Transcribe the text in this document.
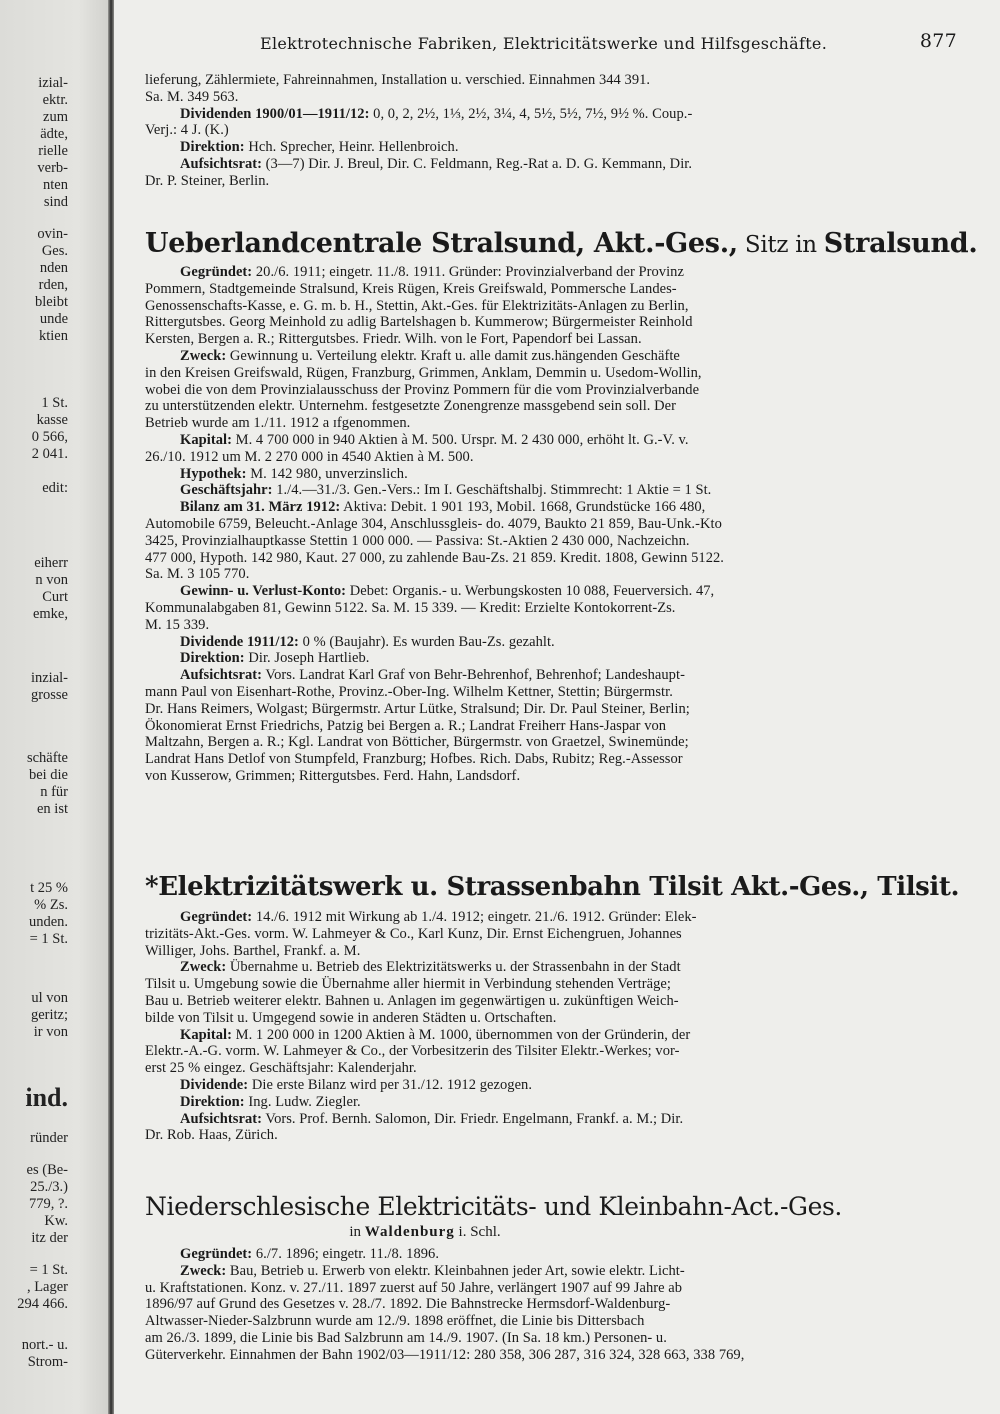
izial-
ektr.
zum
ädte,
rielle
verb-
nten
sind
ovin-
Ges.
nden
rden,
bleibt
unde
ktien
1 St.
kasse
0 566,
2 041.
edit:
eiherr
n von
Curt
emke,
inzial-
grosse
schäfte
bei die
n für
en ist
t 25 %
% Zs.
unden.
= 1 St.
ul von
geritz;
ir von
ind.
ründer
es (Be-
25./3.)
779, ?.
Kw.
itz der
= 1 St.
, Lager
294 466.
nort.- u.
Strom-
Elektrotechnische Fabriken, Elektricitätswerke und Hilfsgeschäfte.	877
lieferung, Zählermiete, Fahreinnahmen, Installation u. verschied. Einnahmen 344 391.
Sa. M. 349 563.
Dividenden 1900/01—1911/12: 0, 0, 2, 2½, 1⅓, 2½, 3¼, 4, 5½, 5½, 7½, 9½ %. Coup.-
Verj.: 4 J. (K.)
Direktion: Hch. Sprecher, Heinr. Hellenbroich.
Aufsichtsrat: (3—7) Dir. J. Breul, Dir. C. Feldmann, Reg.-Rat a. D. G. Kemmann, Dir.
Dr. P. Steiner, Berlin.
Ueberlandcentrale Stralsund, Akt.-Ges., Sitz in Stralsund.
Gegründet: 20./6. 1911; eingetr. 11./8. 1911. Gründer: Provinzialverband der Provinz
Pommern, Stadtgemeinde Stralsund, Kreis Rügen, Kreis Greifswald, Pommersche Landes-
Genossenschafts-Kasse, e. G. m. b. H., Stettin, Akt.-Ges. für Elektrizitäts-Anlagen zu Berlin,
Rittergutsbes. Georg Meinhold zu adlig Bartelshagen b. Kummerow; Bürgermeister Reinhold
Kersten, Bergen a. R.; Rittergutsbes. Friedr. Wilh. von le Fort, Papendorf bei Lassan.
Zweck: Gewinnung u. Verteilung elektr. Kraft u. alle damit zus.hängenden Geschäfte
in den Kreisen Greifswald, Rügen, Franzburg, Grimmen, Anklam, Demmin u. Usedom-Wollin,
wobei die von dem Provinzialausschuss der Provinz Pommern für die vom Provinzialverbande
zu unterstützenden elektr. Unternehm. festgesetzte Zonengrenze massgebend sein soll. Der
Betrieb wurde am 1./11. 1912 a ɪfgenommen.
Kapital: M. 4 700 000 in 940 Aktien à M. 500. Urspr. M. 2 430 000, erhöht lt. G.-V. v.
26./10. 1912 um M. 2 270 000 in 4540 Aktien à M. 500.
Hypothek: M. 142 980, unverzinslich.
Geschäftsjahr: 1./4.—31./3. Gen.-Vers.: Im I. Geschäftshalbj. Stimmrecht: 1 Aktie = 1 St.
Bilanz am 31. März 1912: Aktiva: Debit. 1 901 193, Mobil. 1668, Grundstücke 166 480,
Automobile 6759, Beleucht.-Anlage 304, Anschlussgleis- do. 4079, Baukto 21 859, Bau-Unk.-Kto
3425, Provinzialhauptkasse Stettin 1 000 000. — Passiva: St.-Aktien 2 430 000, Nachzeichn.
477 000, Hypoth. 142 980, Kaut. 27 000, zu zahlende Bau-Zs. 21 859. Kredit. 1808, Gewinn 5122.
Sa. M. 3 105 770.
Gewinn- u. Verlust-Konto: Debet: Organis.- u. Werbungskosten 10 088, Feuerversich. 47,
Kommunalabgaben 81, Gewinn 5122. Sa. M. 15 339. — Kredit: Erzielte Kontokorrent-Zs.
M. 15 339.
Dividende 1911/12: 0 % (Baujahr). Es wurden Bau-Zs. gezahlt.
Direktion: Dir. Joseph Hartlieb.
Aufsichtsrat: Vors. Landrat Karl Graf von Behr-Behrenhof, Behrenhof; Landeshaupt-
mann Paul von Eisenhart-Rothe, Provinz.-Ober-Ing. Wilhelm Kettner, Stettin; Bürgermstr.
Dr. Hans Reimers, Wolgast; Bürgermstr. Artur Lütke, Stralsund; Dir. Dr. Paul Steiner, Berlin;
Ökonomierat Ernst Friedrichs, Patzig bei Bergen a. R.; Landrat Freiherr Hans-Jaspar von
Maltzahn, Bergen a. R.; Kgl. Landrat von Bötticher, Bürgermstr. von Graetzel, Swinemünde;
Landrat Hans Detlof von Stumpfeld, Franzburg; Hofbes. Rich. Dabs, Rubitz; Reg.-Assessor
von Kusserow, Grimmen; Rittergutsbes. Ferd. Hahn, Landsdorf.
*Elektrizitätswerk u. Strassenbahn Tilsit Akt.-Ges., Tilsit.
Gegründet: 14./6. 1912 mit Wirkung ab 1./4. 1912; eingetr. 21./6. 1912. Gründer: Elek-
trizitäts-Akt.-Ges. vorm. W. Lahmeyer & Co., Karl Kunz, Dir. Ernst Eichengruen, Johannes
Williger, Johs. Barthel, Frankf. a. M.
Zweck: Übernahme u. Betrieb des Elektrizitätswerks u. der Strassenbahn in der Stadt
Tilsit u. Umgebung sowie die Übernahme aller hiermit in Verbindung stehenden Verträge;
Bau u. Betrieb weiterer elektr. Bahnen u. Anlagen im gegenwärtigen u. zukünftigen Weich-
bilde von Tilsit u. Umgegend sowie in anderen Städten u. Ortschaften.
Kapital: M. 1 200 000 in 1200 Aktien à M. 1000, übernommen von der Gründerin, der
Elektr.-A.-G. vorm. W. Lahmeyer & Co., der Vorbesitzerin des Tilsiter Elektr.-Werkes; vor-
erst 25 % eingez. Geschäftsjahr: Kalenderjahr.
Dividende: Die erste Bilanz wird per 31./12. 1912 gezogen.
Direktion: Ing. Ludw. Ziegler.
Aufsichtsrat: Vors. Prof. Bernh. Salomon, Dir. Friedr. Engelmann, Frankf. a. M.; Dir.
Dr. Rob. Haas, Zürich.
Niederschlesische Elektricitäts- und Kleinbahn-Act.-Ges.
in Waldenburg i. Schl.
Gegründet: 6./7. 1896; eingetr. 11./8. 1896.
Zweck: Bau, Betrieb u. Erwerb von elektr. Kleinbahnen jeder Art, sowie elektr. Licht-
u. Kraftstationen. Konz. v. 27./11. 1897 zuerst auf 50 Jahre, verlängert 1907 auf 99 Jahre ab
1896/97 auf Grund des Gesetzes v. 28./7. 1892. Die Bahnstrecke Hermsdorf-Waldenburg-
Altwasser-Nieder-Salzbrunn wurde am 12./9. 1898 eröffnet, die Linie bis Dittersbach
am 26./3. 1899, die Linie bis Bad Salzbrunn am 14./9. 1907. (In Sa. 18 km.) Personen- u.
Güterverkehr. Einnahmen der Bahn 1902/03—1911/12: 280 358, 306 287, 316 324, 328 663, 338 769,
